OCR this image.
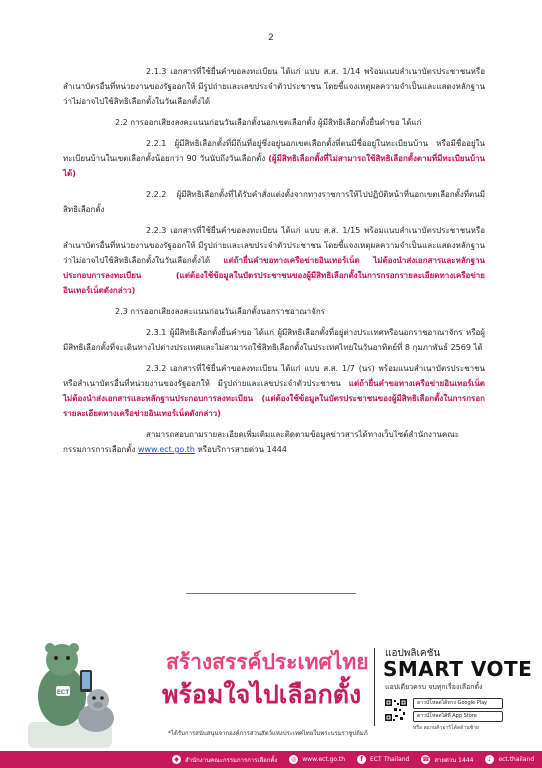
2

2.1.3 เอกสารที่ใช้ยื่นคำขอลงทะเบียน ได้แก่ แบบ ส.ส. 1/14 พร้อมแนบสำเนาบัตรประชาชนหรือสำเนาบัตรอื่นที่หน่วยงานของรัฐออกให้ มีรูปถ่ายและเลขประจำตัวประชาชน โดยชี้แจงเหตุผลความจำเป็นและแสดงหลักฐานว่าไม่อาจไปใช้สิทธิเลือกตั้งในวันเลือกตั้งได้

2.2 การออกเสียงลงคะแนนก่อนวันเลือกตั้งนอกเขตเลือกตั้ง ผู้มีสิทธิเลือกตั้งยื่นคำขอ ได้แก่

2.2.1 ผู้มีสิทธิเลือกตั้งที่มีถิ่นที่อยู่ซึ่งอยู่นอกเขตเลือกตั้งที่ตนมีชื่ออยู่ในทะเบียนบ้าน หรือมีชื่ออยู่ในทะเบียนบ้านในเขตเลือกตั้งน้อยกว่า 90 วันนับถึงวันเลือกตั้ง (ผู้มีสิทธิเลือกตั้งที่ไม่สามารถใช้สิทธิเลือกตั้งตามที่มีทะเบียนบ้านได้)

2.2.2 ผู้มีสิทธิเลือกตั้งที่ได้รับคำสั่งแต่งตั้งจากทางราชการให้ไปปฏิบัติหน้าที่นอกเขตเลือกตั้งที่ตนมีสิทธิเลือกตั้ง

2.2.3 เอกสารที่ใช้ยื่นคำขอลงทะเบียน ได้แก่ แบบ ส.ส. 1/15 พร้อมแนบสำเนาบัตรประชาชนหรือสำเนาบัตรอื่นที่หน่วยงานของรัฐออกให้ มีรูปถ่ายและเลขประจำตัวประชาชน โดยชี้แจงเหตุผลความจำเป็นและแสดงหลักฐานว่าไม่อาจไปใช้สิทธิเลือกตั้งในวันเลือกตั้งได้ แต่ถ้ายื่นคำขอทางเครือข่ายอินเทอร์เน็ต ไม่ต้องนำส่งเอกสารและหลักฐานประกอบการลงทะเบียน (แต่ต้องใช้ข้อมูลในบัตรประชาชนของผู้มีสิทธิเลือกตั้งในการกรอกรายละเอียดทางเครือข่ายอินเทอร์เน็ตดังกล่าว)

2.3 การออกเสียงลงคะแนนก่อนวันเลือกตั้งนอกราชอาณาจักร

2.3.1 ผู้มีสิทธิเลือกตั้งยื่นคำขอ ได้แก่ ผู้มีสิทธิเลือกตั้งที่อยู่ต่างประเทศหรือนอกราชอาณาจักร หรือผู้มีสิทธิเลือกตั้งที่จะเดินทางไปต่างประเทศและไม่สามารถใช้สิทธิเลือกตั้งในประเทศไทยในวันอาทิตย์ที่ 8 กุมภาพันธ์ 2569 ได้

2.3.2 เอกสารที่ใช้ยื่นคำขอลงทะเบียน ได้แก่ แบบ ส.ส. 1/7 (นร) พร้อมแนบสำเนาบัตรประชาชนหรือสำเนาบัตรอื่นที่หน่วยงานของรัฐออกให้ มีรูปถ่ายและเลขประจำตัวประชาชน แต่ถ้ายื่นคำขอทางเครือข่ายอินเทอร์เน็ต ไม่ต้องนำส่งเอกสารและหลักฐานประกอบการลงทะเบียน (แต่ต้องใช้ข้อมูลในบัตรประชาชนของผู้มีสิทธิเลือกตั้งในการกรอกรายละเอียดทางเครือข่ายอินเทอร์เน็ตดังกล่าว)

สามารถสอบถามรายละเอียดเพิ่มเติมและติดตามข้อมูลข่าวสารได้ทางเว็บไซต์สำนักงานคณะกรรมการการเลือกตั้ง www.ect.go.th หรือบริการสายด่วน 1444

ECT
สร้างสรรค์ประเทศไทย
พร้อมใจไปเลือกตั้ง
แอปพลิเคชัน
SMART VOTE
แอปเดียวครบ จบทุกเรื่องเลือกตั้ง
ดาวน์โหลดได้ทาง Google Play
ดาวน์โหลดได้ที่ App Store
หรือ สแกนคิวอาร์โค้ดด้านซ้าย
*ได้รับการสนับสนุนจากองค์การสวนสัตว์แห่งประเทศไทยในพระบรมราชูปถัมภ์
◆	สำนักงานคณะกรรมการการเลือกตั้ง	◎ www.ect.go.th	f	ECT Thailand ☎ สายด่วน 1444	♪	ect.thailand
